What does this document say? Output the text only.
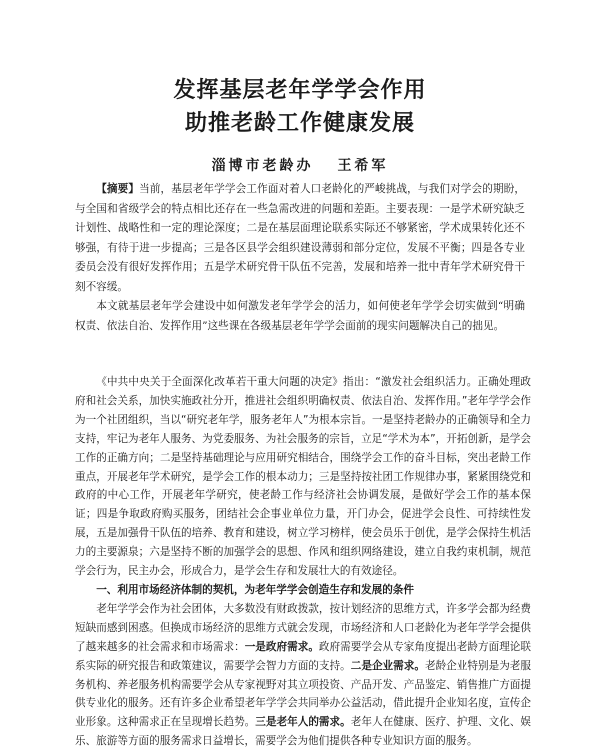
发挥基层老年学学会作用
助推老龄工作健康发展
淄博市老龄办 王希军

【摘要】当前，基层老年学学会工作面对着人口老龄化的严峻挑战，与我们对学会的期盼，与全国和省级学会的特点相比还存在一些急需改进的问题和差距。主要表现：一是学术研究缺乏计划性、战略性和一定的理论深度；二是在基层面理论联系实际还不够紧密，学术成果转化还不够强，有待于进一步提高；三是各区县学会组织建设薄弱和部分定位，发展不平衡；四是各专业委员会没有很好发挥作用；五是学术研究骨干队伍不完善，发展和培养一批中青年学术研究骨干刻不容缓。

本文就基层老年学会建设中如何激发老年学学会的活力，如何使老年学学会切实做到“明确权责、依法自治、发挥作用”这些课在各级基层老年学学会面前的现实问题解决自己的拙见。

《中共中央关于全面深化改革若干重大问题的决定》指出：“激发社会组织活力。正确处理政府和社会关系，加快实施政社分开，推进社会组织明确权责、依法自治、发挥作用。”老年学学会作为一个社团组织，当以“研究老年学，服务老年人”为根本宗旨。一是坚持老龄办的正确领导和全力支持，牢记为老年人服务、为党委服务、为社会服务的宗旨，立足“学术为本”，开拓创新，是学会工作的正确方向；二是坚持基础理论与应用研究相结合，围绕学会工作的奋斗目标，突出老龄工作重点，开展老年学术研究，是学会工作的根本动力；三是坚持按社团工作规律办事，紧紧围绕党和政府的中心工作，开展老年学研究，使老龄工作与经济社会协调发展，是做好学会工作的基本保证；四是争取政府购买服务，团结社会企事业单位力量，开门办会，促进学会良性、可持续性发展，五是加强骨干队伍的培养、教育和建设，树立学习榜样，使会员乐于创优，是学会保持生机活力的主要源泉；六是坚持不断的加强学会的思想、作风和组织网络建设，建立自我约束机制，规范学会行为，民主办会，形成合力，是学会生存和发展壮大的有效途径。

一、利用市场经济体制的契机，为老年学学会创造生存和发展的条件

老年学学会作为社会团体，大多数没有财政拨款，按计划经济的思维方式，许多学会都为经费短缺而感到困惑。但换成市场经济的思维方式就会发现，市场经济和人口老龄化为老年学学会提供了越来越多的社会需求和市场需求：一是政府需求。政府需要学会从专家角度提出老龄方面理论联系实际的研究报告和政策建议，需要学会智力方面的支持。二是企业需求。老龄企业特别是为老服务机构、养老服务机构需要学会从专家视野对其立项投资、产品开发、产品鉴定、销售推广方面提供专业化的服务。还有许多企业希望老年学学会共同举办公益活动，借此提升企业知名度，宣传企业形象。这种需求正在呈现增长趋势。三是老年人的需求。老年人在健康、医疗、护理、文化、娱乐、旅游等方面的服务需求日益增长，需要学会为他们提供各种专业知识方面的服务。
